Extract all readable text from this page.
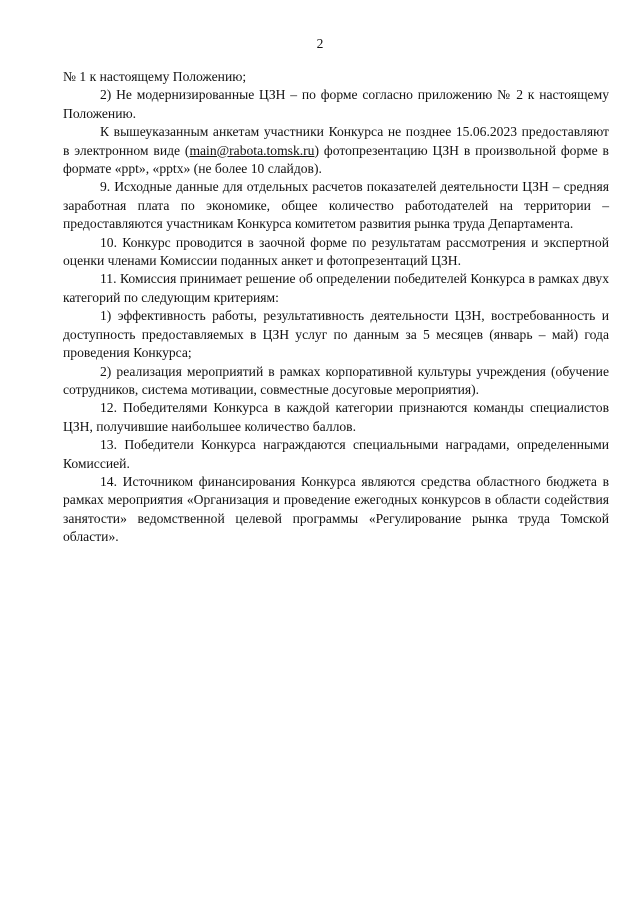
2

№ 1 к настоящему Положению;

2) Не модернизированные ЦЗН – по форме согласно приложению № 2 к настоящему Положению.

К вышеуказанным анкетам участники Конкурса не позднее 15.06.2023 предоставляют в электронном виде (main@rabota.tomsk.ru) фотопрезентацию ЦЗН в произвольной форме в формате «ppt», «pptx» (не более 10 слайдов).

9. Исходные данные для отдельных расчетов показателей деятельности ЦЗН – средняя заработная плата по экономике, общее количество работодателей на территории – предоставляются участникам Конкурса комитетом развития рынка труда Департамента.

10. Конкурс проводится в заочной форме по результатам рассмотрения и экспертной оценки членами Комиссии поданных анкет и фотопрезентаций ЦЗН.

11. Комиссия принимает решение об определении победителей Конкурса в рамках двух категорий по следующим критериям:

1) эффективность работы, результативность деятельности ЦЗН, востребованность и доступность предоставляемых в ЦЗН услуг по данным за 5 месяцев (январь – май) года проведения Конкурса;

2) реализация мероприятий в рамках корпоративной культуры учреждения (обучение сотрудников, система мотивации, совместные досуговые мероприятия).

12. Победителями Конкурса в каждой категории признаются команды специалистов ЦЗН, получившие наибольшее количество баллов.

13. Победители Конкурса награждаются специальными наградами, определенными Комиссией.

14. Источником финансирования Конкурса являются средства областного бюджета в рамках мероприятия «Организация и проведение ежегодных конкурсов в области содействия занятости» ведомственной целевой программы «Регулирование рынка труда Томской области».
